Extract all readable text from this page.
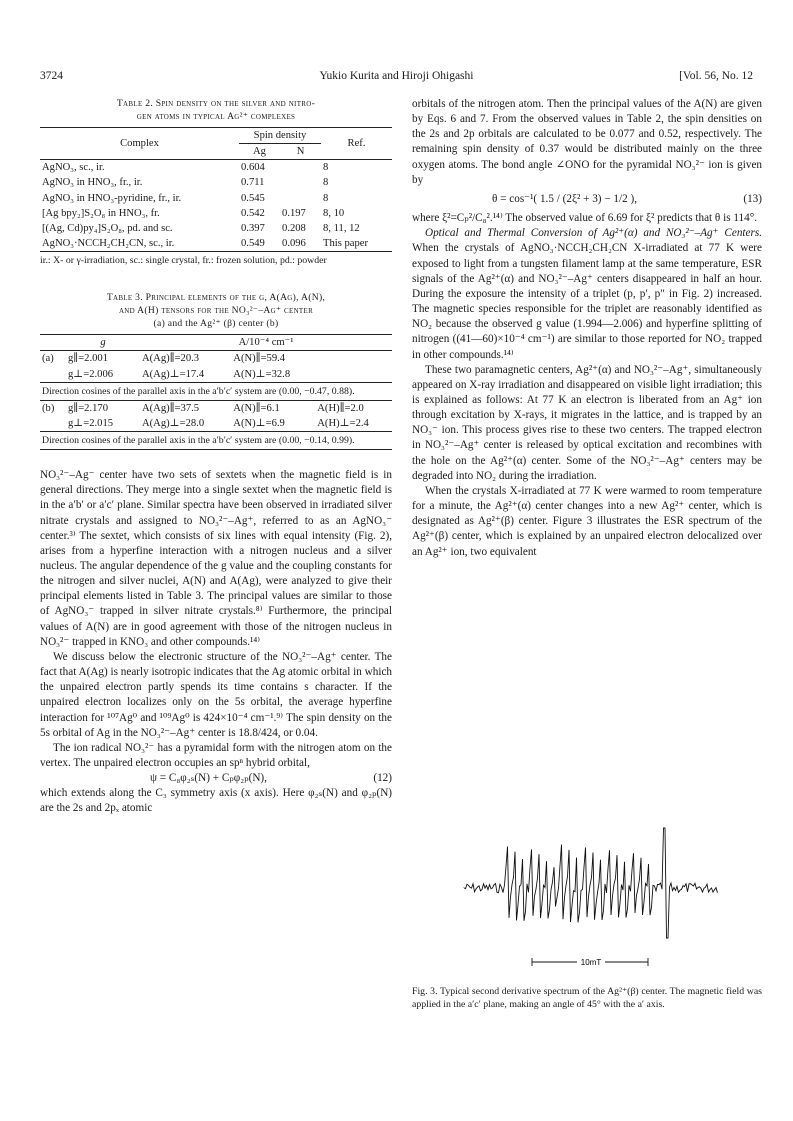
3724	Yukio Kurita and Hiroji Ohigashi	[Vol. 56, No. 12
Table 2. Spin density on the silver and nitro-
gen atoms in typical Ag²⁺ complexes
Complex	Spin density		Ref.
	Ag	N	
AgNO₃, sc., ir.	0.604		8
AgNO₃ in HNO₃, fr., ir.	0.711		8
AgNO₃ in HNO₃-pyridine, fr., ir.	0.545		8
[Ag bpy₂]S₂O₈ in HNO₃, fr.	0.542	0.197	8, 10
[(Ag, Cd)py₄]S₂O₈, pd. and sc.	0.397	0.208	8, 11, 12
AgNO₃·NCCH₂CH₂CN, sc., ir.	0.549	0.096	This paper
ir.: X- or γ-irradiation, sc.: single crystal, fr.: frozen solution, pd.: powder
Table 3. Principal elements of the g, A(Ag), A(N),
and A(H) tensors for the NO₃²⁻–Ag⁺ center
(a) and the Ag²⁺ (β) center (b)
	g	A/10⁻⁴ cm⁻¹		
(a)	g∥=2.001	A(Ag)∥=20.3	A(N)∥=59.4	
	g⊥=2.006	A(Ag)⊥=17.4	A(N)⊥=32.8	
Direction cosines of the parallel axis in the a′b′c′ system are (0.00, −0.47, 0.88).				
(b)	g∥=2.170	A(Ag)∥=37.5	A(N)∥=6.1	A(H)∥=2.0
	g⊥=2.015	A(Ag)⊥=28.0	A(N)⊥=6.9	A(H)⊥=2.4
Direction cosines of the parallel axis in the a′b′c′ system are (0.00, −0.14, 0.99).				

NO₃²⁻–Ag⁻ center have two sets of sextets when the magnetic field is in general directions. They merge into a single sextet when the magnetic field is in the a′b′ or a′c′ plane. Similar spectra have been observed in irradiated silver nitrate crystals and assigned to NO₃²⁻–Ag⁺, referred to as an AgNO₃⁻ center.³⁾ The sextet, which consists of six lines with equal intensity (Fig. 2), arises from a hyperfine interaction with a nitrogen nucleus and a silver nucleus. The angular dependence of the g value and the coupling constants for the nitrogen and silver nuclei, A(N) and A(Ag), were analyzed to give their principal elements listed in Table 3. The principal values are similar to those of AgNO₃⁻ trapped in silver nitrate crystals.⁸⁾ Furthermore, the principal values of A(N) are in good agreement with those of the nitrogen nucleus in NO₃²⁻ trapped in KNO₃ and other compounds.¹⁴⁾

We discuss below the electronic structure of the NO₃²⁻–Ag⁺ center. The fact that A(Ag) is nearly isotropic indicates that the Ag atomic orbital in which the unpaired electron partly spends its time contains s character. If the unpaired electron localizes only on the 5s orbital, the average hyperfine interaction for ¹⁰⁷Ag⁰ and ¹⁰⁹Ag⁰ is 424×10⁻⁴ cm⁻¹.⁹⁾ The spin density on the 5s orbital of Ag in the NO₃²⁻–Ag⁺ center is 18.8/424, or 0.04.

The ion radical NO₃²⁻ has a pyramidal form with the nitrogen atom on the vertex. The unpaired electron occupies an spⁿ hybrid orbital,

ψ = C₈φ₂ₛ(N) + Cₚφ₂ₚ(N),	(12)

which extends along the C₃ symmetry axis (x axis). Here φ₂ₛ(N) and φ₂ₚ(N) are the 2s and 2pₓ atomic

orbitals of the nitrogen atom. Then the principal values of the A(N) are given by Eqs. 6 and 7. From the observed values in Table 2, the spin densities on the 2s and 2p orbitals are calculated to be 0.077 and 0.52, respectively. The remaining spin density of 0.37 would be distributed mainly on the three oxygen atoms. The bond angle ∠ONO for the pyramidal NO₃²⁻ ion is given by

θ = cos⁻¹( 1.5 / (2ξ² + 3) − 1/2 ),	(13)

where ξ²=Cₚ²/C₈².¹⁴⁾ The observed value of 6.69 for ξ² predicts that θ is 114°.

Optical and Thermal Conversion of Ag²⁺(α) and NO₃²⁻–Ag⁺ Centers. When the crystals of AgNO₃·NCCH₂CH₂CN X-irradiated at 77 K were exposed to light from a tungsten filament lamp at the same temperature, ESR signals of the Ag²⁺(α) and NO₃²⁻–Ag⁺ centers disappeared in half an hour. During the exposure the intensity of a triplet (p, p′, p″ in Fig. 2) increased. The magnetic species responsible for the triplet are reasonably identified as NO₂ because the observed g value (1.994—2.006) and hyperfine splitting of nitrogen ((41—60)×10⁻⁴ cm⁻¹) are similar to those reported for NO₂ trapped in other compounds.¹⁴⁾

These two paramagnetic centers, Ag²⁺(α) and NO₃²⁻–Ag⁺, simultaneously appeared on X-ray irradiation and disappeared on visible light irradiation; this is explained as follows: At 77 K an electron is liberated from an Ag⁺ ion through excitation by X-rays, it migrates in the lattice, and is trapped by an NO₃⁻ ion. This process gives rise to these two centers. The trapped electron in NO₃²⁻–Ag⁺ center is released by optical excitation and recombines with the hole on the Ag²⁺(α) center. Some of the NO₃²⁻–Ag⁺ centers may be degraded into NO₂ during the irradiation.

When the crystals X-irradiated at 77 K were warmed to room temperature for a minute, the Ag²⁺(α) center changes into a new Ag²⁺ center, which is designated as Ag²⁺(β) center. Figure 3 illustrates the ESR spectrum of the Ag²⁺(β) center, which is explained by an unpaired electron delocalized over an Ag²⁺ ion, two equivalent

10mT
Fig. 3. Typical second derivative spectrum of the Ag²⁺(β) center. The magnetic field was applied in the a′c′ plane, making an angle of 45° with the a′ axis.
